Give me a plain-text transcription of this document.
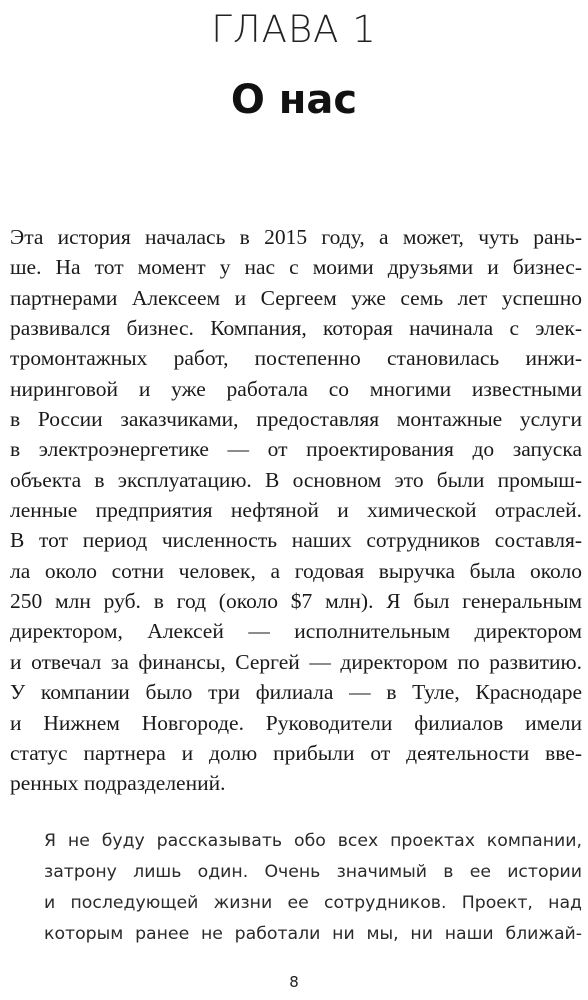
ГЛАВА 1
О нас
Эта история началась в 2015 году, а может, чуть рань-
ше. На тот момент у нас с моими друзьями и бизнес-
партнерами Алексеем и Сергеем уже семь лет успешно
развивался бизнес. Компания, которая начинала с элек-
тромонтажных работ, постепенно становилась инжи-
ниринговой и уже работала со многими известными
в России заказчиками, предоставляя монтажные услуги
в электроэнергетике — от проектирования до запуска
объекта в эксплуатацию. В основном это были промыш-
ленные предприятия нефтяной и химической отраслей.
В тот период численность наших сотрудников составля-
ла около сотни человек, а годовая выручка была около
250 млн руб. в год (около $7 млн). Я был генеральным
директором, Алексей — исполнительным директором
и отвечал за финансы, Сергей — директором по развитию.
У компании было три филиала — в Туле, Краснодаре
и Нижнем Новгороде. Руководители филиалов имели
статус партнера и долю прибыли от деятельности вве-
ренных подразделений.
Я не буду рассказывать обо всех проектах компании,
затрону лишь один. Очень значимый в ее истории
и последующей жизни ее сотрудников. Проект, над
которым ранее не работали ни мы, ни наши ближай-
8
